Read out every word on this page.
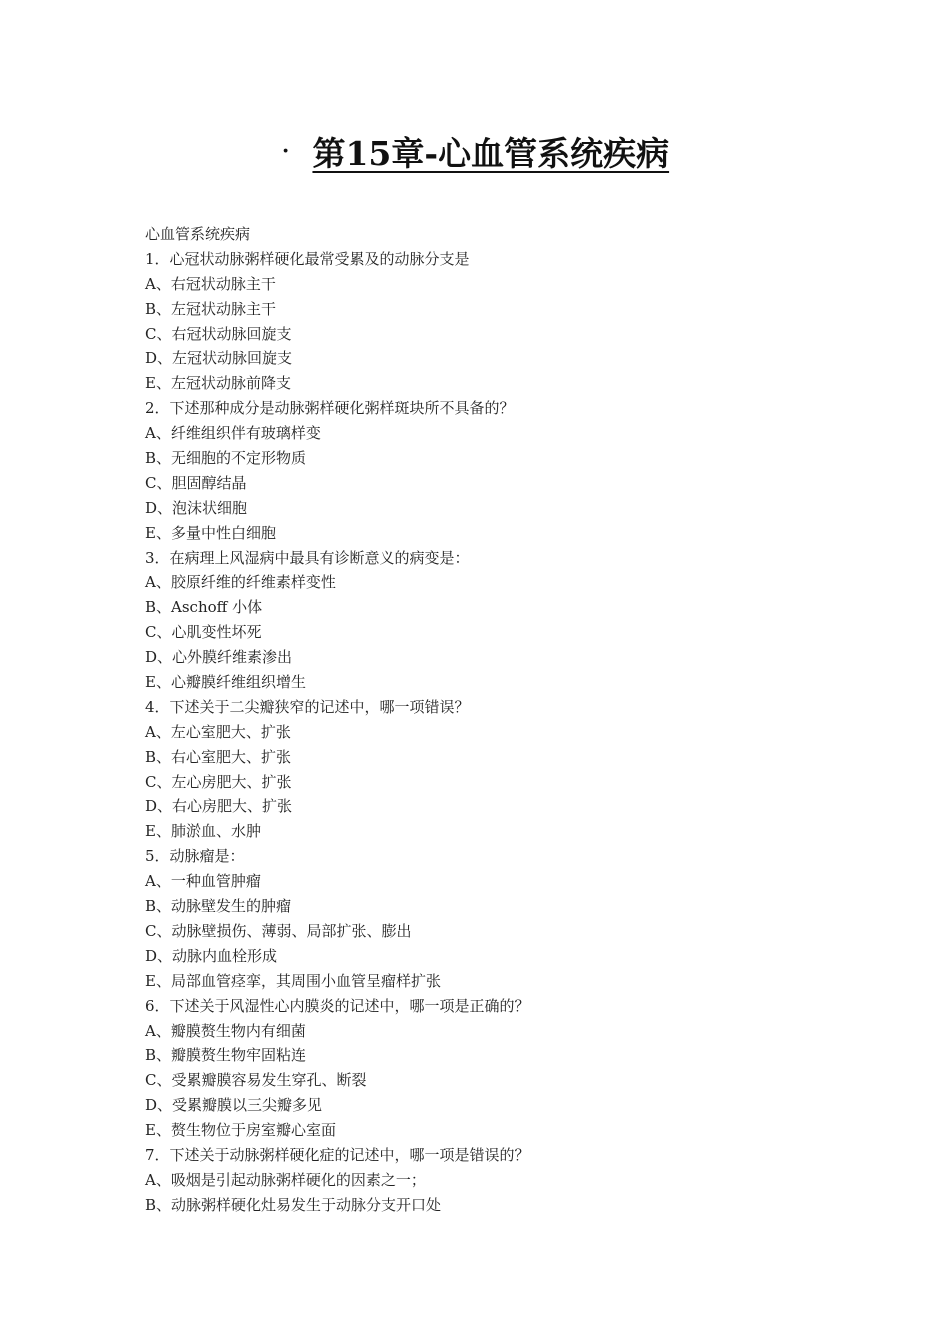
· 第15章-心血管系统疾病
心血管系统疾病
1．心冠状动脉粥样硬化最常受累及的动脉分支是
A、右冠状动脉主干
B、左冠状动脉主干
C、右冠状动脉回旋支
D、左冠状动脉回旋支
E、左冠状动脉前降支
2．下述那种成分是动脉粥样硬化粥样斑块所不具备的？
A、纤维组织伴有玻璃样变
B、无细胞的不定形物质
C、胆固醇结晶
D、泡沫状细胞
E、多量中性白细胞
3．在病理上风湿病中最具有诊断意义的病变是：
A、胶原纤维的纤维素样变性
B、Aschoff 小体
C、心肌变性坏死
D、心外膜纤维素渗出
E、心瓣膜纤维组织增生
4．下述关于二尖瓣狭窄的记述中，哪一项错误？
A、左心室肥大、扩张
B、右心室肥大、扩张
C、左心房肥大、扩张
D、右心房肥大、扩张
E、肺淤血、水肿
5．动脉瘤是：
A、一种血管肿瘤
B、动脉壁发生的肿瘤
C、动脉壁损伤、薄弱、局部扩张、膨出
D、动脉内血栓形成
E、局部血管痉挛，其周围小血管呈瘤样扩张
6．下述关于风湿性心内膜炎的记述中，哪一项是正确的？
A、瓣膜赘生物内有细菌
B、瓣膜赘生物牢固粘连
C、受累瓣膜容易发生穿孔、断裂
D、受累瓣膜以三尖瓣多见
E、赘生物位于房室瓣心室面
7．下述关于动脉粥样硬化症的记述中，哪一项是错误的？
A、吸烟是引起动脉粥样硬化的因素之一；
B、动脉粥样硬化灶易发生于动脉分支开口处
